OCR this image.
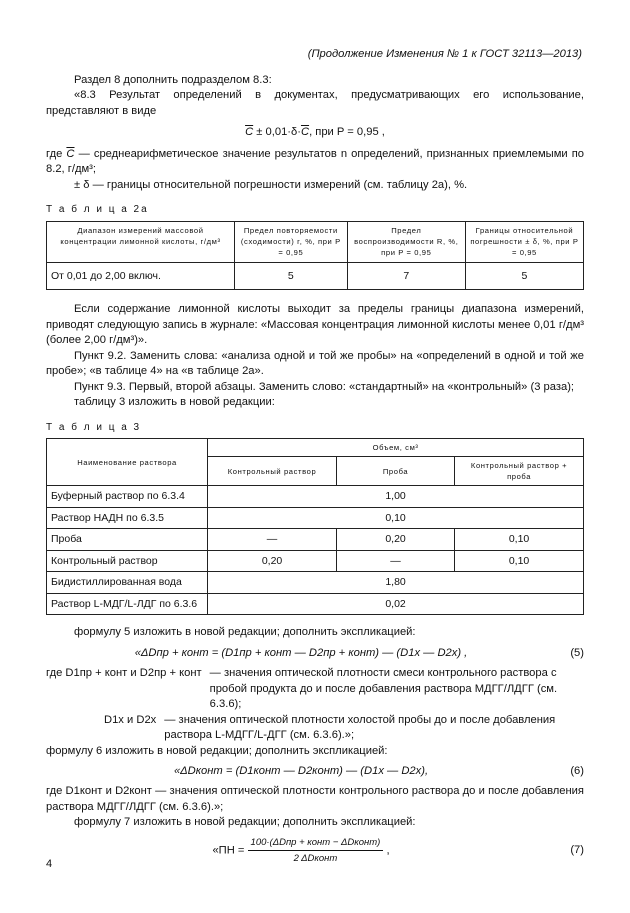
(Продолжение Изменения № 1 к ГОСТ 32113—2013)
Раздел 8 дополнить подразделом 8.3:
«8.3 Результат определений в документах, предусматривающих его использование, представляют в виде
$\overline{C} \pm 0,01\cdot\delta\cdot\overline{C}$, при P = 0,95 ,
где $\overline{C}$ — среднеарифметическое значение результатов n определений, признанных приемлемыми по 8.2, г/дм³;
± δ — границы относительной погрешности измерений (см. таблицу 2а), %.
Т а б л и ц а 2а
Диапазон измерений массовой концентрации лимонной кислоты, г/дм³	Предел повторяемости (сходимости) r, %, при P = 0,95	Предел воспроизводимости R, %, при P = 0,95	Границы относительной погрешности ± δ, %, при P = 0,95
От 0,01 до 2,00 включ.	5	7	5
Если содержание лимонной кислоты выходит за пределы границы диапазона измерений, приводят следующую запись в журнале: «Массовая концентрация лимонной кислоты менее 0,01 г/дм³ (более 2,00 г/дм³)».
Пункт 9.2. Заменить слова: «анализа одной и той же пробы» на «определений в одной и той же пробе»; «в таблице 4» на «в таблице 2а».
Пункт 9.3. Первый, второй абзацы. Заменить слово: «стандартный» на «контрольный» (3 раза);
таблицу 3 изложить в новой редакции:
Т а б л и ц а 3
Наименование раствора	Объем, см³		
	Контрольный раствор	Проба	Контрольный раствор + проба
Буферный раствор по 6.3.4	1,00		
Раствор НАДН по 6.3.5	0,10		
Проба	—	0,20	0,10
Контрольный раствор	0,20	—	0,10
Бидистиллированная вода	1,80		
Раствор L-МДГ/L-ЛДГ по 6.3.6	0,02		
формулу 5 изложить в новой редакции; дополнить экспликацией:
«ΔDпр + конт = (D1пр + конт — D2пр + конт) — (D1х — D2х) ,	(5)
где D1пр + конт и D2пр + конт — значения оптической плотности смеси контрольного раствора с пробой продукта до и после добавления раствора МДГГ/ЛДГГ (см. 6.3.6);
D1х и D2х — значения оптической плотности холостой пробы до и после добавления раствора L-МДГГ/L-ДГГ (см. 6.3.6).»;
формулу 6 изложить в новой редакции; дополнить экспликацией:
«ΔDконт = (D1конт — D2конт) — (D1х — D2х),	(6)
где D1конт и D2конт — значения оптической плотности контрольного раствора до и после добавления раствора МДГГ/ЛДГГ (см. 6.3.6).»;
формулу 7 изложить в новой редакции; дополнить экспликацией:
«ПН = $\frac{\text{100·(ΔDпр + конт − ΔDконт)}}{\text{2 ΔDконт}}$ ,	(7)
4
